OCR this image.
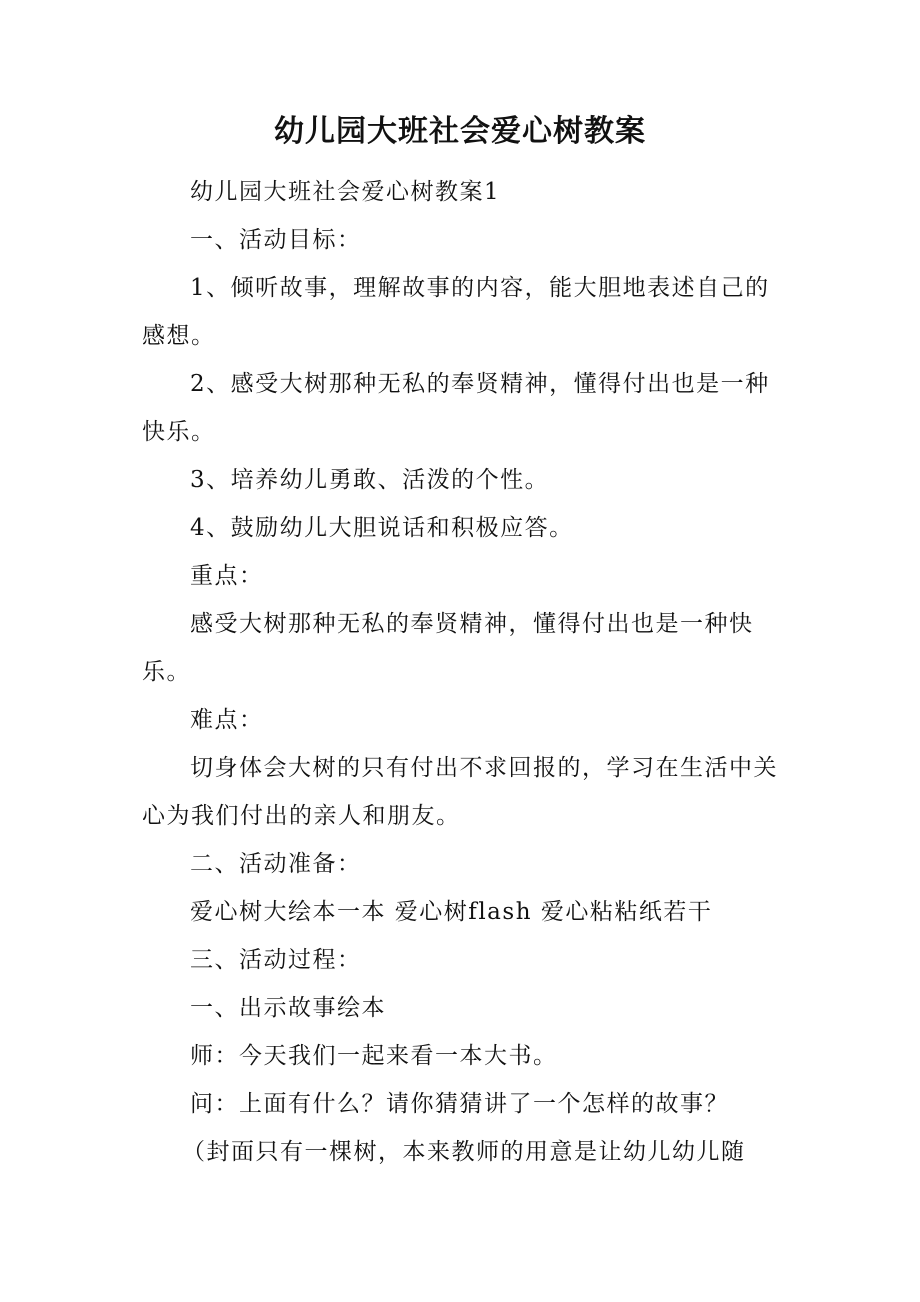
幼儿园大班社会爱心树教案

幼儿园大班社会爱心树教案1

一、活动目标：

1、倾听故事，理解故事的内容，能大胆地表述自己的感想。

2、感受大树那种无私的奉贤精神，懂得付出也是一种快乐。

3、培养幼儿勇敢、活泼的个性。

4、鼓励幼儿大胆说话和积极应答。

重点：

感受大树那种无私的奉贤精神，懂得付出也是一种快乐。

难点：

切身体会大树的只有付出不求回报的，学习在生活中关心为我们付出的亲人和朋友。

二、活动准备：

爱心树大绘本一本 爱心树flash 爱心粘粘纸若干

三、活动过程：

一、出示故事绘本

师：今天我们一起来看一本大书。

问：上面有什么？请你猜猜讲了一个怎样的故事？

（封面只有一棵树，本来教师的用意是让幼儿幼儿随
